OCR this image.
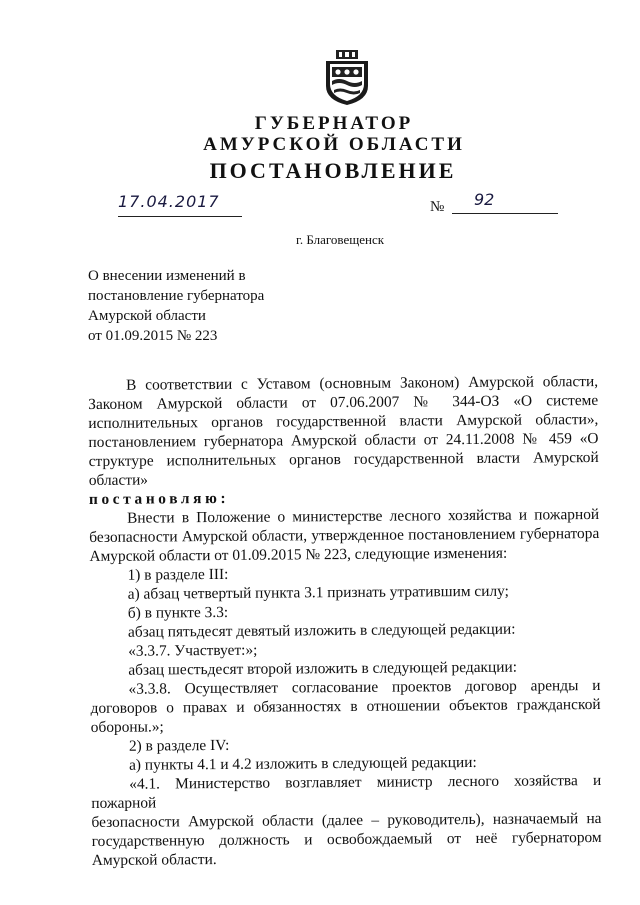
ГУБЕРНАТОР
АМУРСКОЙ ОБЛАСТИ
ПОСТАНОВЛЕНИЕ
17.04.2017	№ 92
г. Благовещенск
О внесении изменений в
постановление губернатора
Амурской области
от 01.09.2015 № 223

В соответствии с Уставом (основным Законом) Амурской области,

Законом Амурской области от 07.06.2007 № 344-ОЗ «О системе

исполнительных органов государственной власти Амурской области»,

постановлением губернатора Амурской области от 24.11.2008 № 459 «О

структуре исполнительных органов государственной власти Амурской

области»

постановляю:

Внести в Положение о министерстве лесного хозяйства и пожарной

безопасности Амурской области, утвержденное постановлением губернатора

Амурской области от 01.09.2015 № 223, следующие изменения:

1) в разделе III:

а) абзац четвертый пункта 3.1 признать утратившим силу;

б) в пункте 3.3:

абзац пятьдесят девятый изложить в следующей редакции:

«3.3.7. Участвует:»;

абзац шестьдесят второй изложить в следующей редакции:

«3.3.8. Осуществляет согласование проектов договор аренды и

договоров о правах и обязанностях в отношении объектов гражданской

обороны.»;

2) в разделе IV:

а) пункты 4.1 и 4.2 изложить в следующей редакции:

«4.1. Министерство возглавляет министр лесного хозяйства и пожарной

безопасности Амурской области (далее – руководитель), назначаемый на

государственную должность и освобождаемый от неё губернатором

Амурской области.
